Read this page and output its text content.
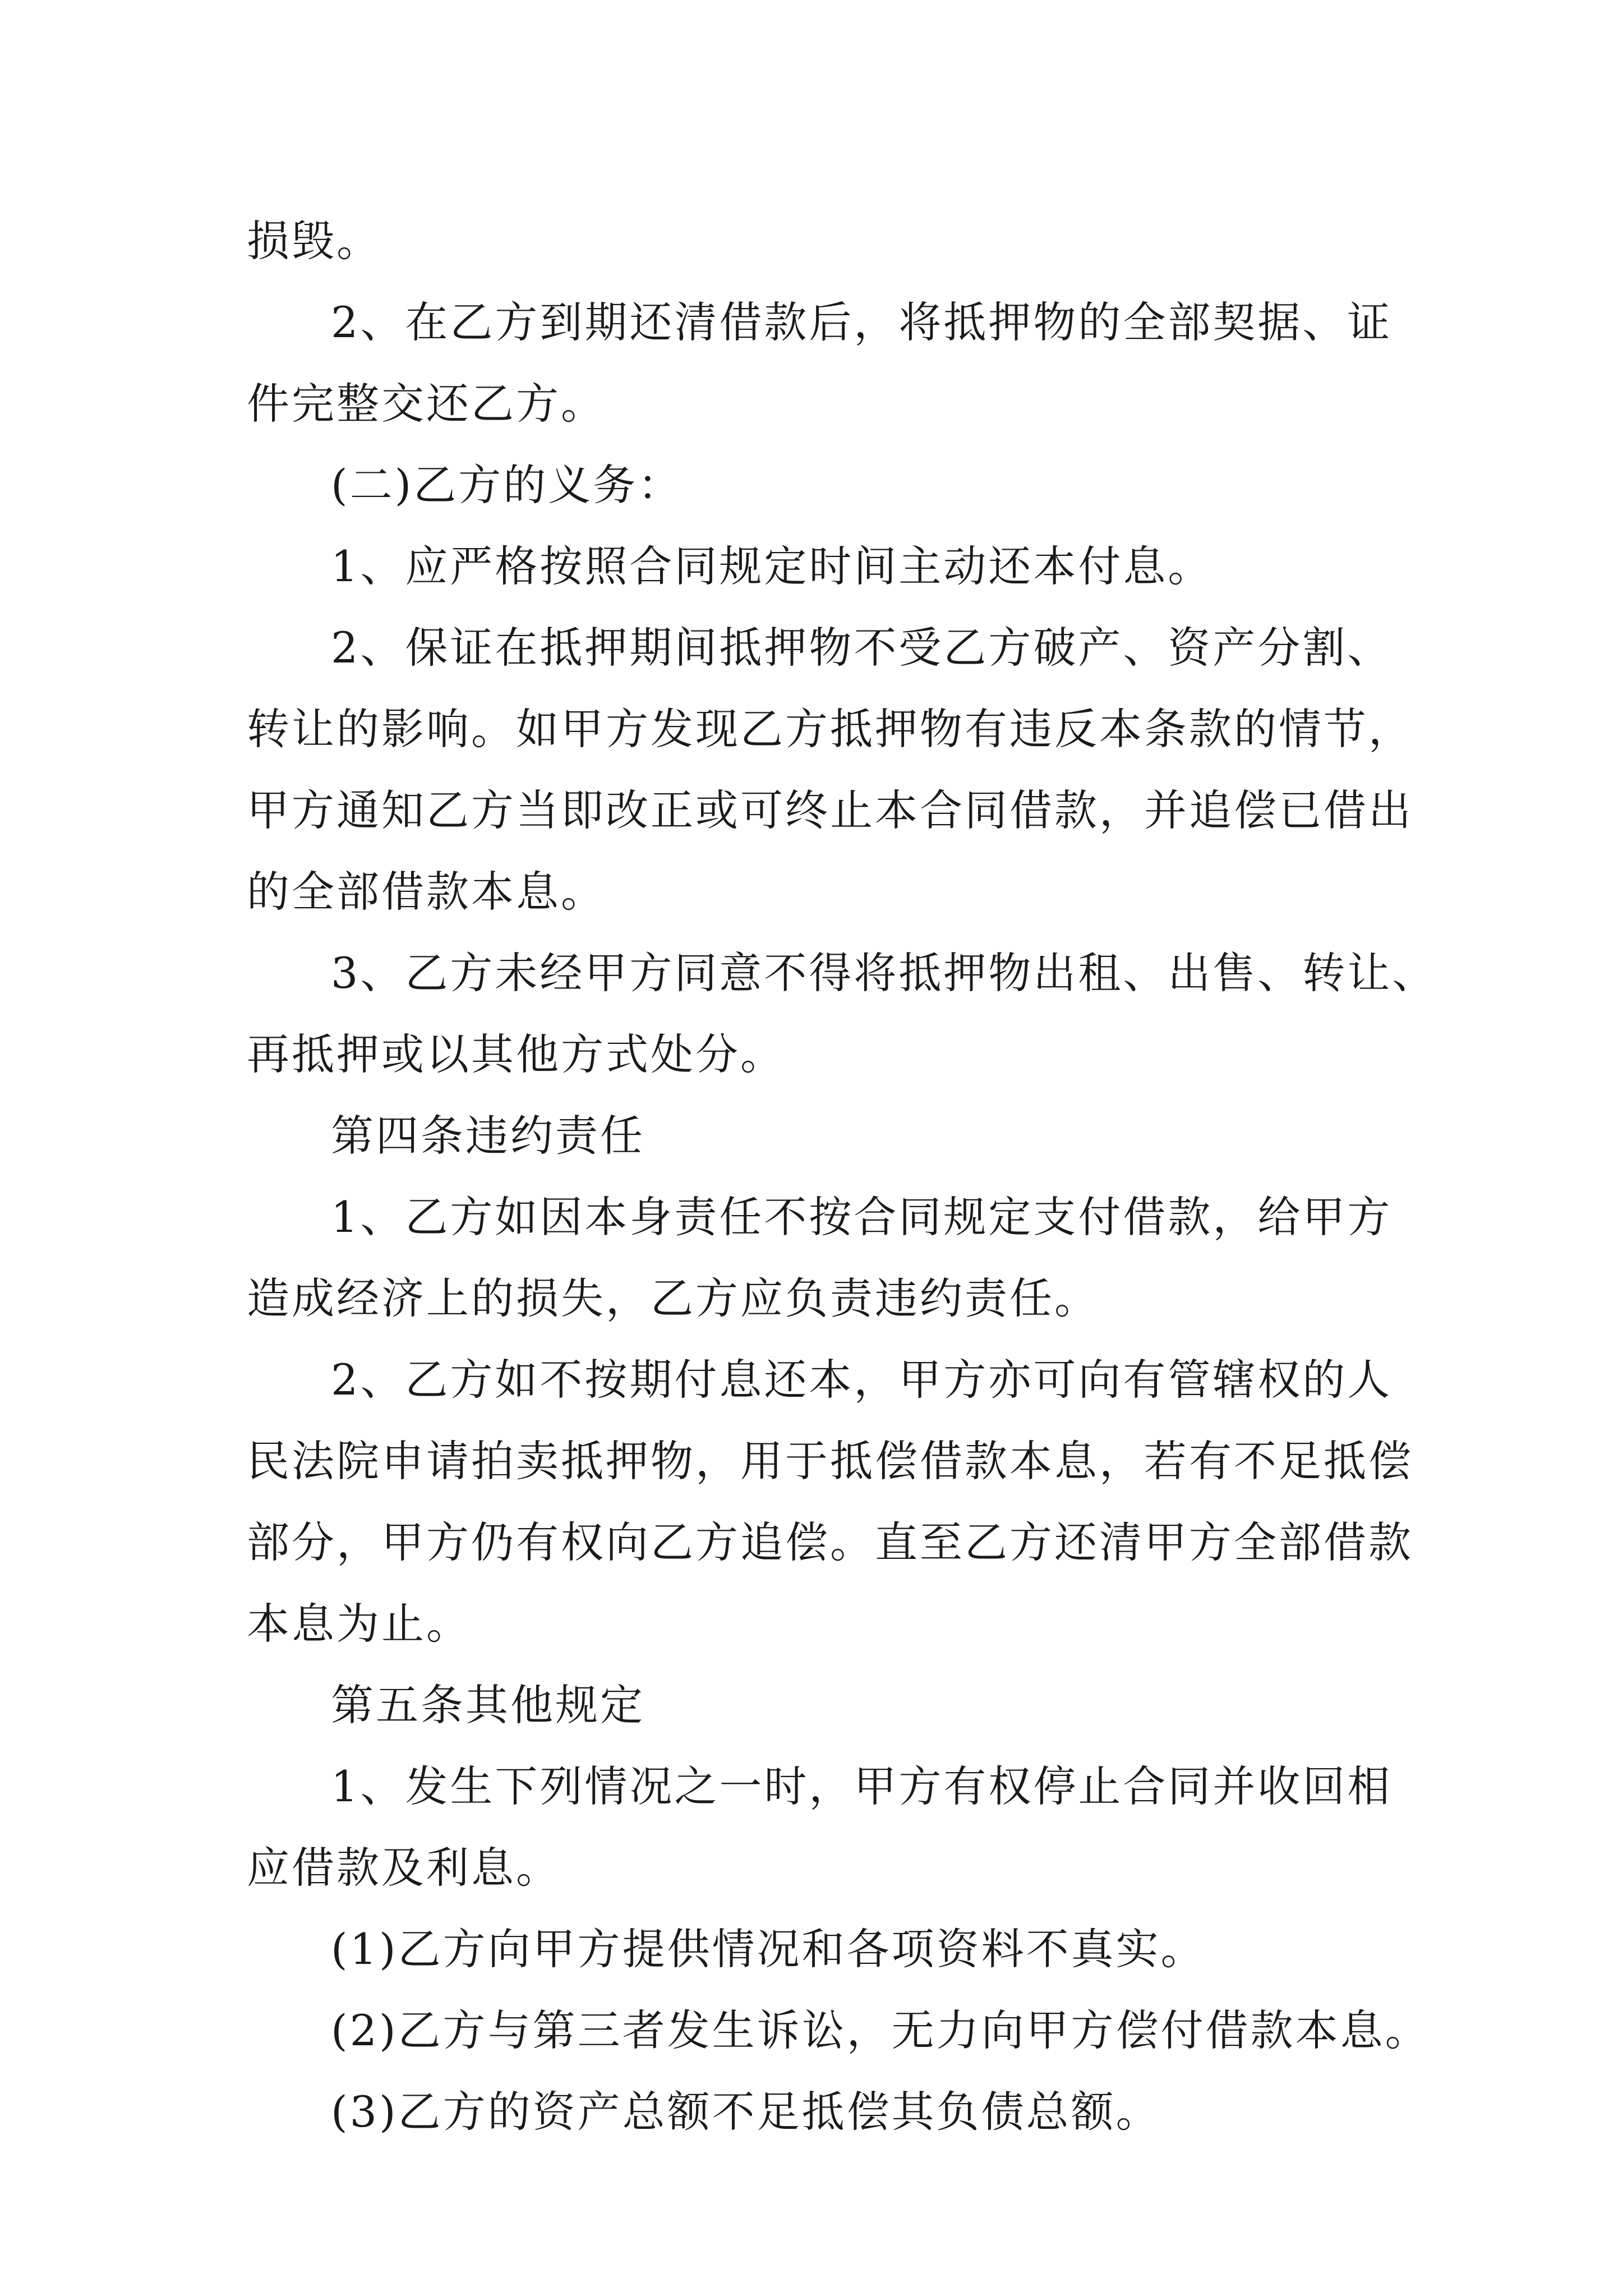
损毁。
2、在乙方到期还清借款后，将抵押物的全部契据、证
件完整交还乙方。
(二)乙方的义务：
1、应严格按照合同规定时间主动还本付息。
2、保证在抵押期间抵押物不受乙方破产、资产分割、
转让的影响。如甲方发现乙方抵押物有违反本条款的情节，
甲方通知乙方当即改正或可终止本合同借款，并追偿已借出
的全部借款本息。
3、乙方未经甲方同意不得将抵押物出租、出售、转让、
再抵押或以其他方式处分。
第四条违约责任
1、乙方如因本身责任不按合同规定支付借款，给甲方
造成经济上的损失，乙方应负责违约责任。
2、乙方如不按期付息还本，甲方亦可向有管辖权的人
民法院申请拍卖抵押物，用于抵偿借款本息，若有不足抵偿
部分，甲方仍有权向乙方追偿。直至乙方还清甲方全部借款
本息为止。
第五条其他规定
1、发生下列情况之一时，甲方有权停止合同并收回相
应借款及利息。
(1)乙方向甲方提供情况和各项资料不真实。
(2)乙方与第三者发生诉讼，无力向甲方偿付借款本息。
(3)乙方的资产总额不足抵偿其负债总额。
